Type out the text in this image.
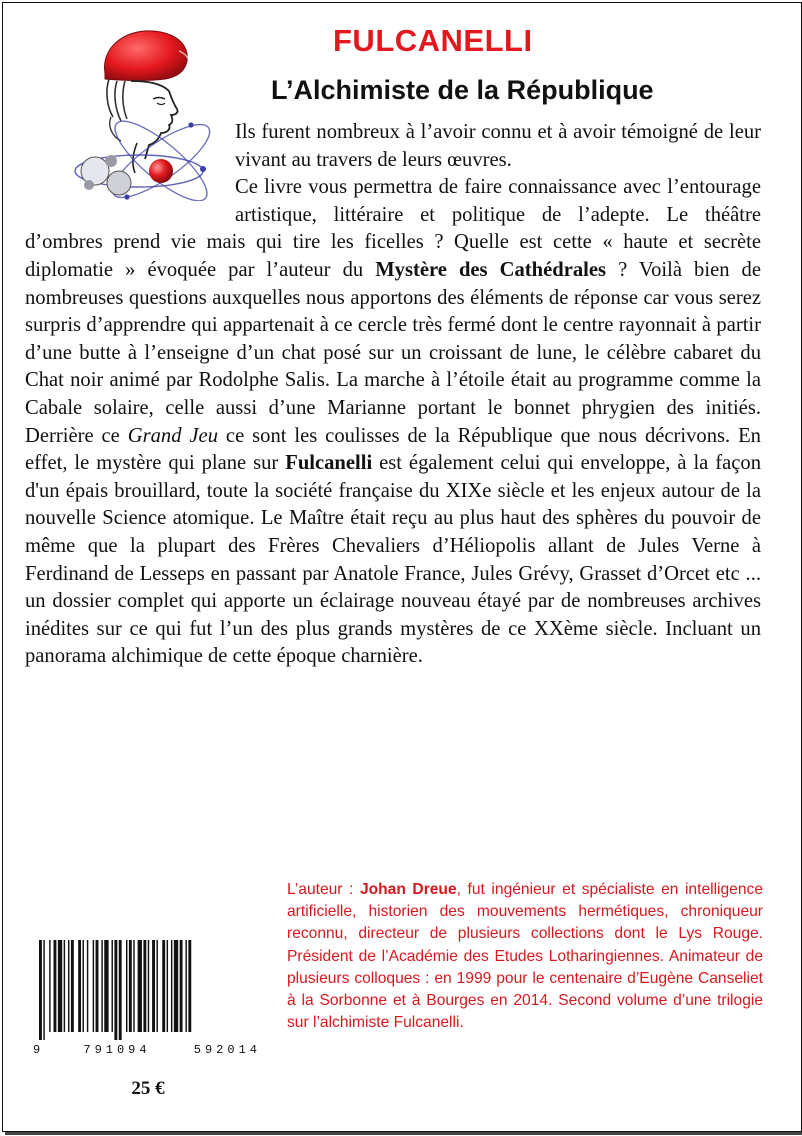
FULCANELLI
L’Alchimiste de la République

Ils furent nombreux à l’avoir connu et à avoir témoigné de leur vivant au travers de leurs œuvres.

Ce livre vous permettra de faire connaissance avec l’entourage artistique, littéraire et politique de l’adepte. Le théâtre d’ombres prend vie mais qui tire les ficelles ? Quelle est cette « haute et secrète diplomatie » évoquée par l’auteur du Mystère des Cathédrales ? Voilà bien de nombreuses questions auxquelles nous apportons des éléments de réponse car vous serez surpris d’apprendre qui appartenait à ce cercle très fermé dont le centre rayonnait à partir d’une butte à l’enseigne d’un chat posé sur un croissant de lune, le célèbre cabaret du Chat noir animé par Rodolphe Salis. La marche à l’étoile était au programme comme la Cabale solaire, celle aussi d’une Marianne portant le bonnet phrygien des initiés. Derrière ce Grand Jeu ce sont les coulisses de la République que nous décrivons. En effet, le mystère qui plane sur Fulcanelli est également celui qui enveloppe, à la façon d'un épais brouillard, toute la société française du XIXe siècle et les enjeux autour de la nouvelle Science atomique. Le Maître était reçu au plus haut des sphères du pouvoir de même que la plupart des Frères Chevaliers d’Héliopolis allant de Jules Verne à Ferdinand de Lesseps en passant par Anatole France, Jules Grévy, Grasset d’Orcet etc ... un dossier complet qui apporte un éclairage nouveau étayé par de nombreuses archives inédites sur ce qui fut l’un des plus grands mystères de ce XXème siècle. Incluant un panorama alchimique de cette époque charnière.

L’auteur : Johan Dreue, fut ingénieur et spécialiste en intelligence artificielle, historien des mouvements hermétiques, chroniqueur reconnu, directeur de plusieurs collections dont le Lys Rouge. Président de l’Académie des Etudes Lotharingiennes. Animateur de plusieurs colloques : en 1999 pour le centenaire d’Eugène Canseliet à la Sorbonne et à Bourges en 2014. Second volume d’une trilogie sur l’alchimiste Fulcanelli.

9	791094	592014
25 €
